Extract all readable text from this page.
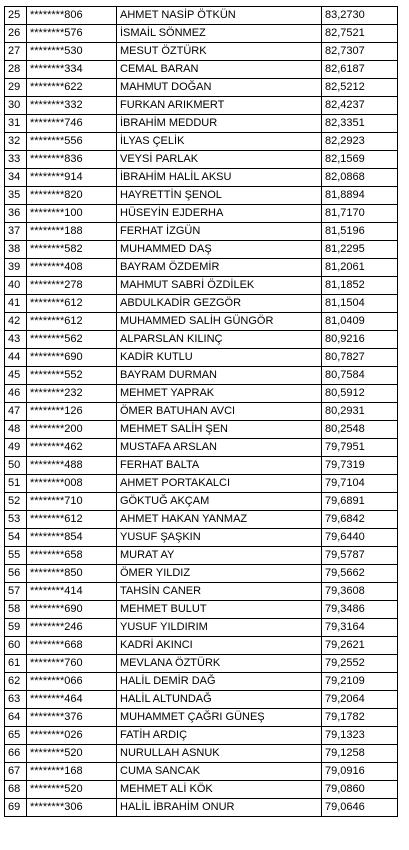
25	********806	AHMET NASİP ÖTKÜN	83,2730
26	********576	İSMAİL SÖNMEZ	82,7521
27	********530	MESUT ÖZTÜRK	82,7307
28	********334	CEMAL BARAN	82,6187
29	********622	MAHMUT DOĞAN	82,5212
30	********332	FURKAN ARIKMERT	82,4237
31	********746	İBRAHİM MEDDUR	82,3351
32	********556	İLYAS ÇELİK	82,2923
33	********836	VEYSİ PARLAK	82,1569
34	********914	İBRAHİM HALİL AKSU	82,0868
35	********820	HAYRETTİN ŞENOL	81,8894
36	********100	HÜSEYİN EJDERHA	81,7170
37	********188	FERHAT İZGÜN	81,5196
38	********582	MUHAMMED DAŞ	81,2295
39	********408	BAYRAM ÖZDEMİR	81,2061
40	********278	MAHMUT SABRİ ÖZDİLEK	81,1852
41	********612	ABDULKADİR GEZGÖR	81,1504
42	********612	MUHAMMED SALİH GÜNGÖR	81,0409
43	********562	ALPARSLAN KILINÇ	80,9216
44	********690	KADİR KUTLU	80,7827
45	********552	BAYRAM DURMAN	80,7584
46	********232	MEHMET YAPRAK	80,5912
47	********126	ÖMER BATUHAN AVCI	80,2931
48	********200	MEHMET SALİH ŞEN	80,2548
49	********462	MUSTAFA ARSLAN	79,7951
50	********488	FERHAT BALTA	79,7319
51	********008	AHMET PORTAKALCI	79,7104
52	********710	GÖKTUĞ AKÇAM	79,6891
53	********612	AHMET HAKAN YANMAZ	79,6842
54	********854	YUSUF ŞAŞKIN	79,6440
55	********658	MURAT AY	79,5787
56	********850	ÖMER YILDIZ	79,5662
57	********414	TAHSİN CANER	79,3608
58	********690	MEHMET BULUT	79,3486
59	********246	YUSUF YILDIRIM	79,3164
60	********668	KADRİ AKINCI	79,2621
61	********760	MEVLANA ÖZTÜRK	79,2552
62	********066	HALİL DEMİR DAĞ	79,2109
63	********464	HALİL ALTUNDAĞ	79,2064
64	********376	MUHAMMET ÇAĞRI GÜNEŞ	79,1782
65	********026	FATİH ARDIÇ	79,1323
66	********520	NURULLAH ASNUK	79,1258
67	********168	CUMA SANCAK	79,0916
68	********520	MEHMET ALİ KÖK	79,0860
69	********306	HALİL İBRAHİM ONUR	79,0646
